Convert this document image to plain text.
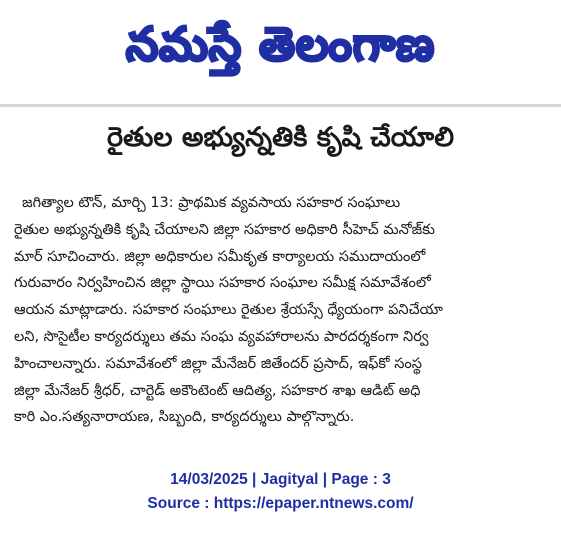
నమస్తే తెలంగాణ
రైతుల అభ్యున్నతికి కృషి చేయాలి
జగిత్యాల టౌన్, మార్చి 13: ప్రాథమిక వ్యవసాయ సహకార సంఘాలు
రైతుల అభ్యున్నతికి కృషి చేయాలని జిల్లా సహకార అధికారి సీహెచ్ మనోజ్‌కు
మార్ సూచించారు. జిల్లా అధికారుల సమీకృత కార్యాలయ సముదాయంలో
గురువారం నిర్వహించిన జిల్లా స్థాయి సహకార సంఘాల సమీక్ష సమావేశంలో
ఆయన మాట్లాడారు. సహకార సంఘాలు రైతుల శ్రేయస్సే ధ్యేయంగా పనిచేయా
లని, సొసైటీల కార్యదర్శులు తమ సంఘ వ్యవహారాలను పారదర్శకంగా నిర్వ
హించాలన్నారు. సమావేశంలో జిల్లా మేనేజర్ జితేందర్ ప్రసాద్, ఇఫ్‌కో సంస్థ
జిల్లా మేనేజర్ శ్రీధర్, చార్టెడ్ అకౌంటెంట్ ఆదిత్య, సహకార శాఖ ఆడిట్ అధి
కారి ఎం.సత్యనారాయణ, సిబ్బంది, కార్యదర్శులు పాల్గొన్నారు.
14/03/2025 | Jagityal | Page : 3
Source : https://epaper.ntnews.com/
